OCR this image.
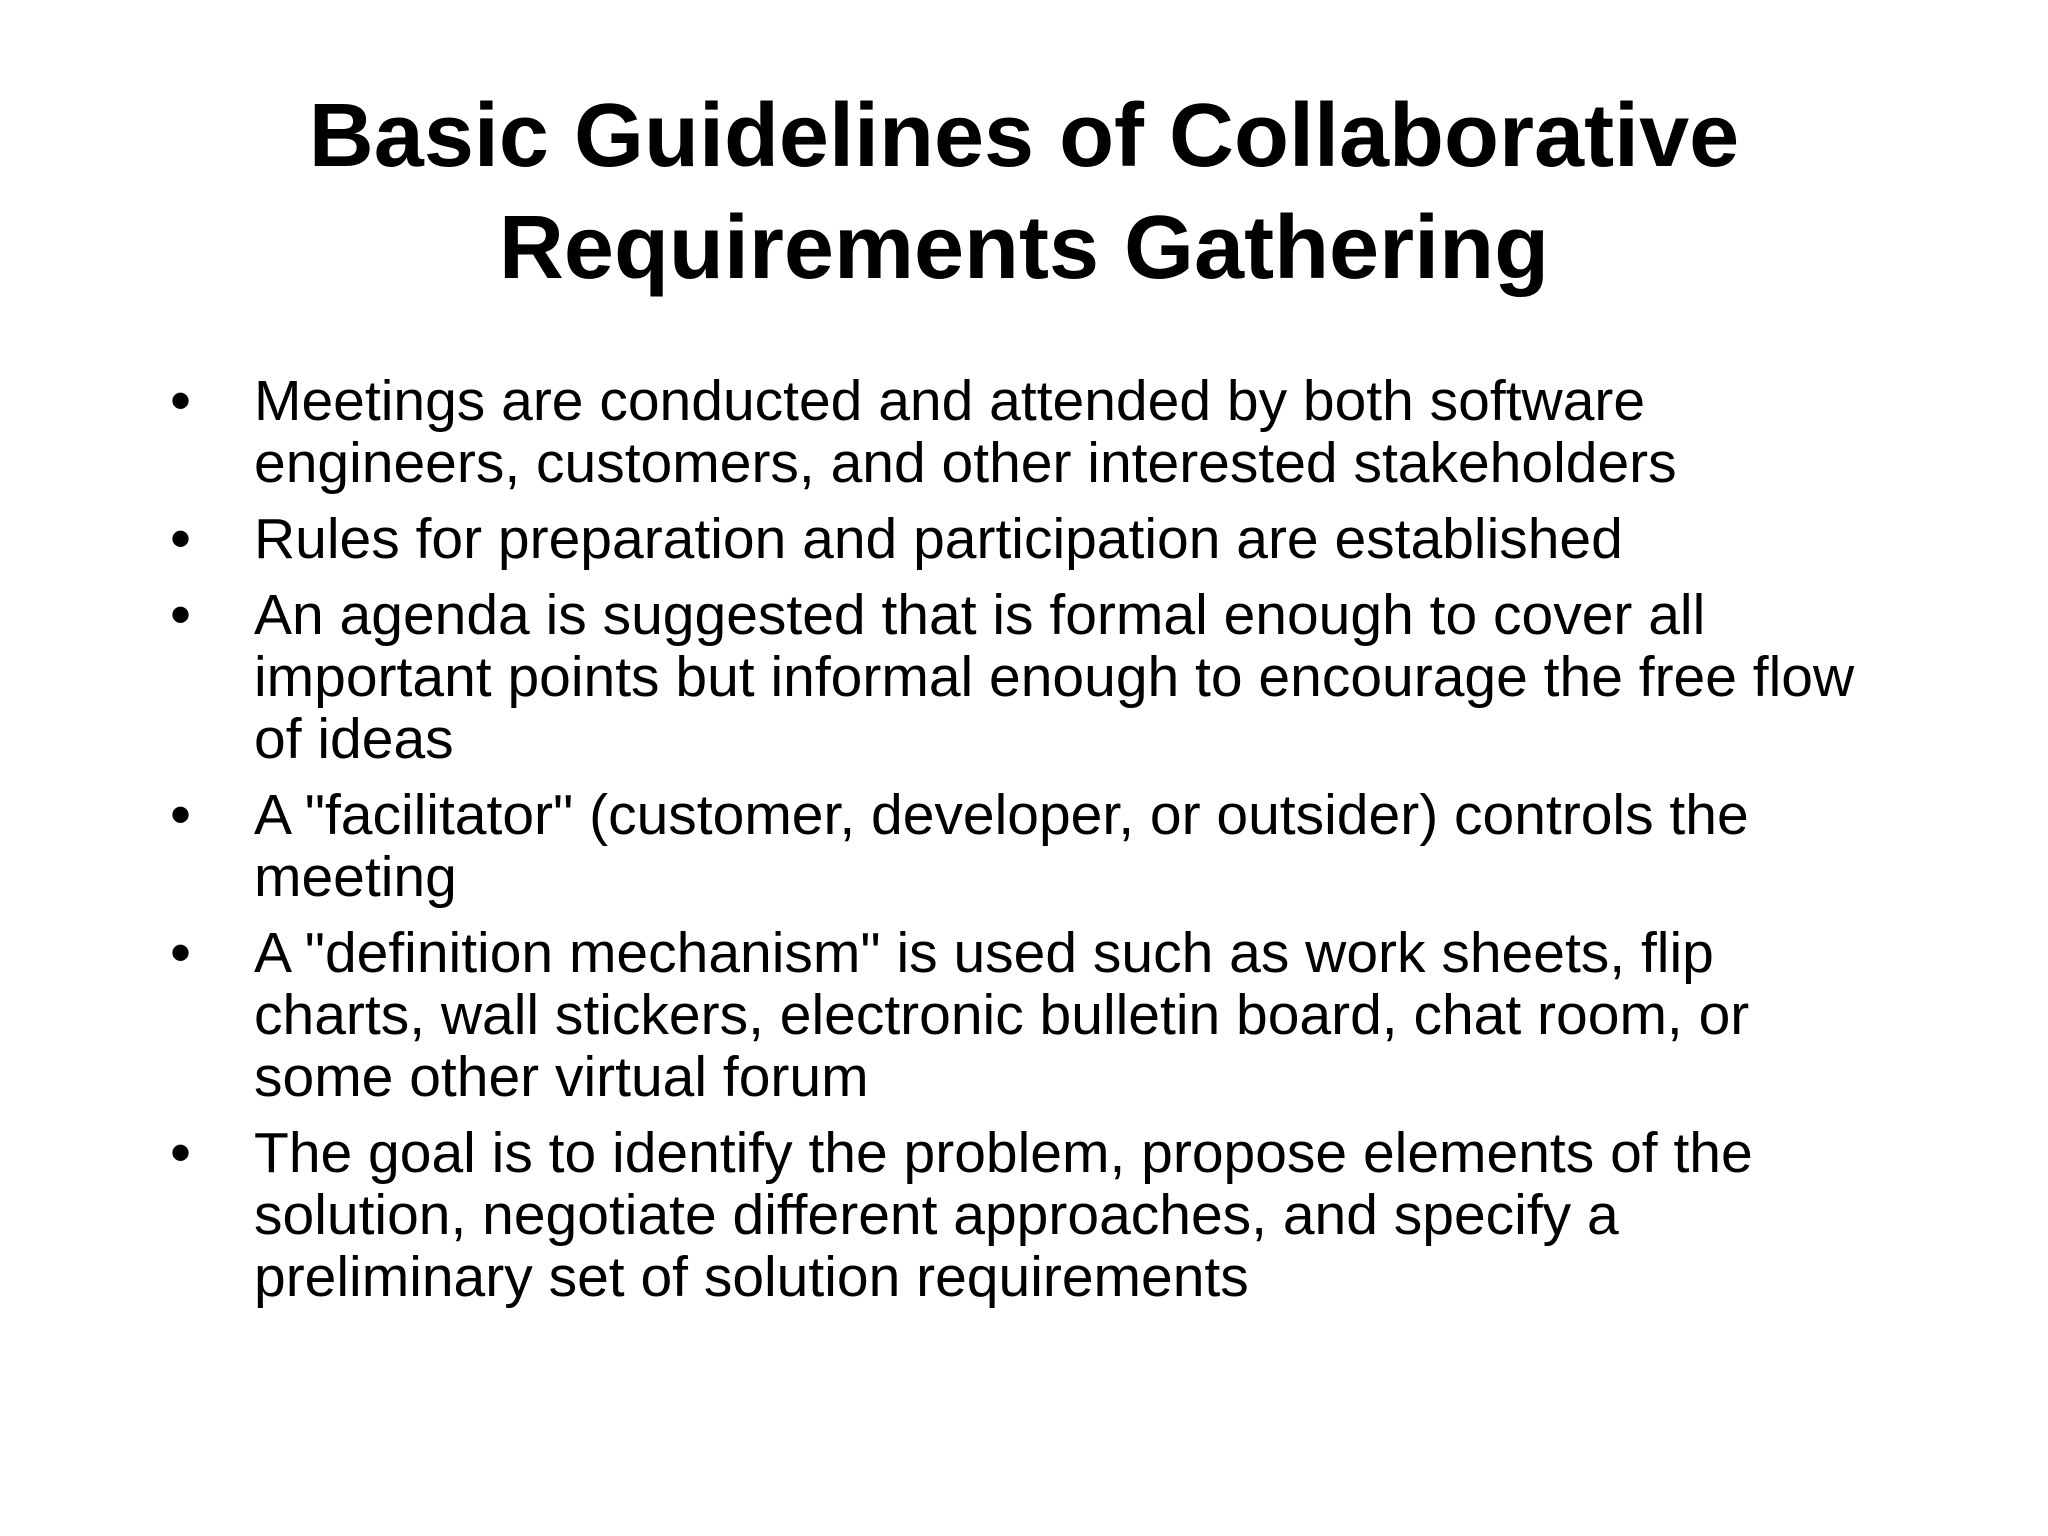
Basic Guidelines of Collaborative
Requirements Gathering
•	Meetings are conducted and attended by both software engineers, customers, and other interested stakeholders
•	Rules for preparation and participation are established
•	An agenda is suggested that is formal enough to cover all important points but informal enough to encourage the free flow of ideas
•	A "facilitator" (customer, developer, or outsider) controls the meeting
•	A "definition mechanism" is used such as work sheets, flip charts, wall stickers, electronic bulletin board, chat room, or some other virtual forum
•	The goal is to identify the problem, propose elements of the solution, negotiate different approaches, and specify a preliminary set of solution requirements
